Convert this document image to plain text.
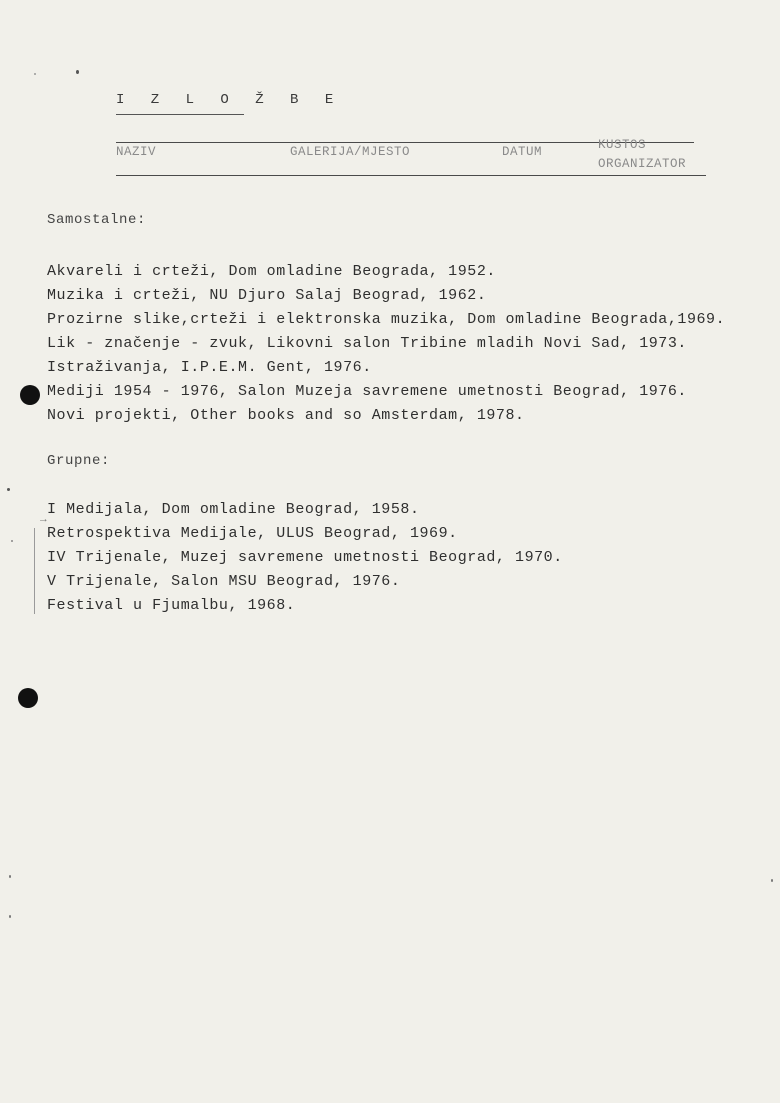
I Z L O Ž B E
NAZIV	GALERIJA/MJESTO	DATUM	KUSTOS
ORGANIZATOR
Samostalne:
Akvareli i crteži, Dom omladine Beograda, 1952.
Muzika i crteži, NU Djuro Salaj Beograd, 1962.
Prozirne slike,crteži i elektronska muzika, Dom omladine Beograda,1969.
Lik - značenje - zvuk, Likovni salon Tribine mladih Novi Sad, 1973.
Istraživanja, I.P.E.M. Gent, 1976.
Mediji 1954 - 1976, Salon Muzeja savremene umetnosti Beograd, 1976.
Novi projekti, Other books and so Amsterdam, 1978.
Grupne:
→
I Medijala, Dom omladine Beograd, 1958.
Retrospektiva Medijale, ULUS Beograd, 1969.
IV Trijenale, Muzej savremene umetnosti Beograd, 1970.
V Trijenale, Salon MSU Beograd, 1976.
Festival u Fjumalbu, 1968.
